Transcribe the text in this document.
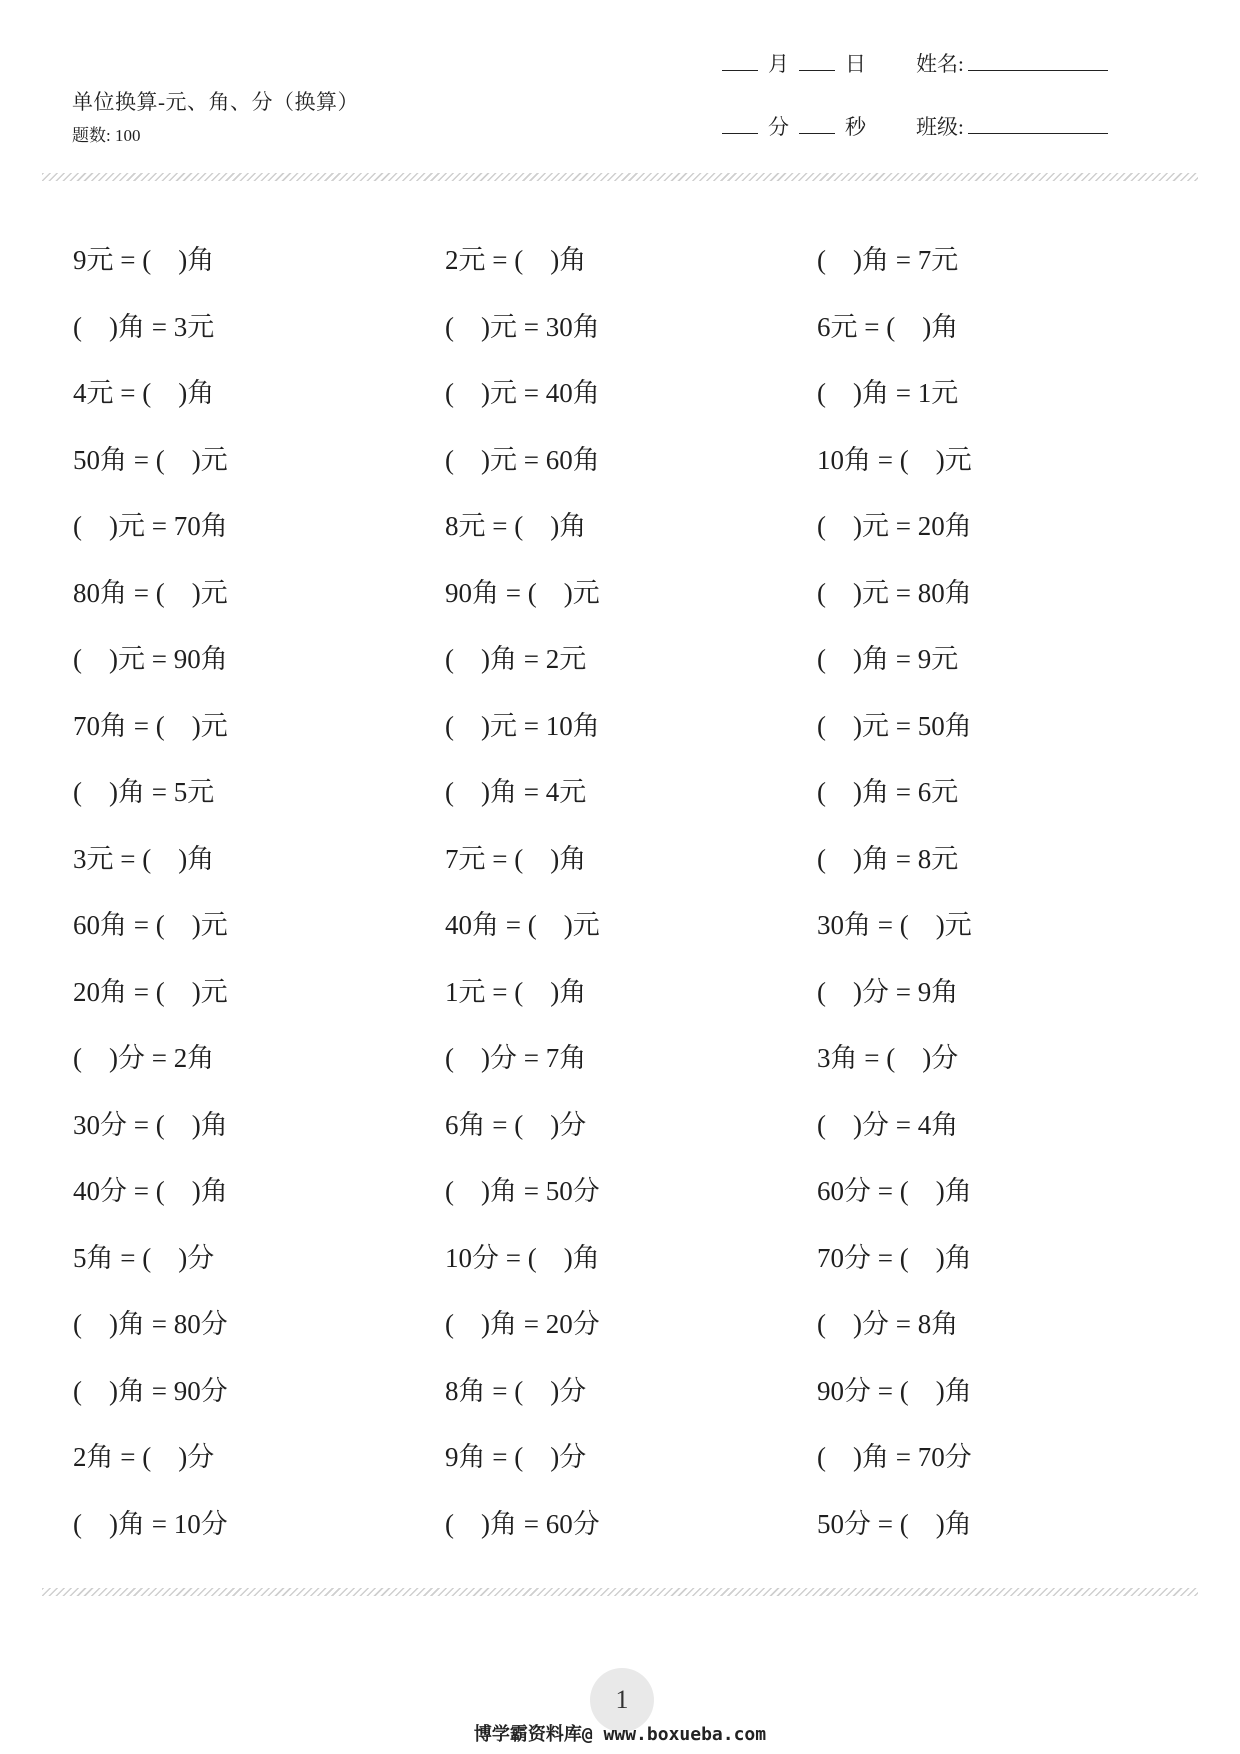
单位换算-元、角、分（换算）
题数: 100
月	日 姓名:
分	秒 班级:
9元 = (    )角	2元 = (    )角	(    )角 = 7元
(    )角 = 3元	(    )元 = 30角	6元 = (    )角
4元 = (    )角	(    )元 = 40角	(    )角 = 1元
50角 = (    )元	(    )元 = 60角	10角 = (    )元
(    )元 = 70角	8元 = (    )角	(    )元 = 20角
80角 = (    )元	90角 = (    )元	(    )元 = 80角
(    )元 = 90角	(    )角 = 2元	(    )角 = 9元
70角 = (    )元	(    )元 = 10角	(    )元 = 50角
(    )角 = 5元	(    )角 = 4元	(    )角 = 6元
3元 = (    )角	7元 = (    )角	(    )角 = 8元
60角 = (    )元	40角 = (    )元	30角 = (    )元
20角 = (    )元	1元 = (    )角	(    )分 = 9角
(    )分 = 2角	(    )分 = 7角	3角 = (    )分
30分 = (    )角	6角 = (    )分	(    )分 = 4角
40分 = (    )角	(    )角 = 50分	60分 = (    )角
5角 = (    )分	10分 = (    )角	70分 = (    )角
(    )角 = 80分	(    )角 = 20分	(    )分 = 8角
(    )角 = 90分	8角 = (    )分	90分 = (    )角
2角 = (    )分	9角 = (    )分	(    )角 = 70分
(    )角 = 10分	(    )角 = 60分	50分 = (    )角
1
博学霸资料库@ www.boxueba.com
